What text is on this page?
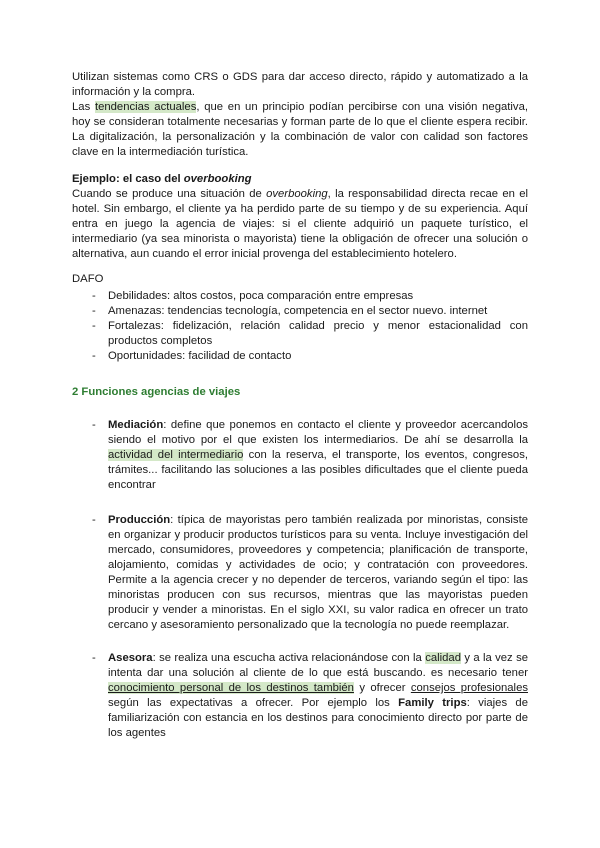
Utilizan sistemas como CRS o GDS para dar acceso directo, rápido y automatizado a la información y la compra.

Las tendencias actuales, que en un principio podían percibirse con una visión negativa, hoy se consideran totalmente necesarias y forman parte de lo que el cliente espera recibir. La digitalización, la personalización y la combinación de valor con calidad son factores clave en la intermediación turística.

Ejemplo: el caso del overbooking

Cuando se produce una situación de overbooking, la responsabilidad directa recae en el hotel. Sin embargo, el cliente ya ha perdido parte de su tiempo y de su experiencia. Aquí entra en juego la agencia de viajes: si el cliente adquirió un paquete turístico, el intermediario (ya sea minorista o mayorista) tiene la obligación de ofrecer una solución o alternativa, aun cuando el error inicial provenga del establecimiento hotelero.

DAFO

- Debilidades: altos costos, poca comparación entre empresas
- Amenazas: tendencias tecnología, competencia en el sector nuevo. internet
- Fortalezas: fidelización, relación calidad precio y menor estacionalidad con productos completos
- Oportunidades: facilidad de contacto

2 Funciones agencias de viajes

- Mediación: define que ponemos en contacto el cliente y proveedor acercandolos siendo el motivo por el que existen los intermediarios. De ahí se desarrolla la actividad del intermediario con la reserva, el transporte, los eventos, congresos, trámites... facilitando las soluciones a las posibles dificultades que el cliente pueda encontrar
- Producción: típica de mayoristas pero también realizada por minoristas, consiste en organizar y producir productos turísticos para su venta. Incluye investigación del mercado, consumidores, proveedores y competencia; planificación de transporte, alojamiento, comidas y actividades de ocio; y contratación con proveedores. Permite a la agencia crecer y no depender de terceros, variando según el tipo: las minoristas producen con sus recursos, mientras que las mayoristas pueden producir y vender a minoristas. En el siglo XXI, su valor radica en ofrecer un trato cercano y asesoramiento personalizado que la tecnología no puede reemplazar.
- Asesora: se realiza una escucha activa relacionándose con la calidad y a la vez se intenta dar una solución al cliente de lo que está buscando. es necesario tener conocimiento personal de los destinos también y ofrecer consejos profesionales según las expectativas a ofrecer. Por ejemplo los Family trips: viajes de familiarización con estancia en los destinos para conocimiento directo por parte de los agentes
